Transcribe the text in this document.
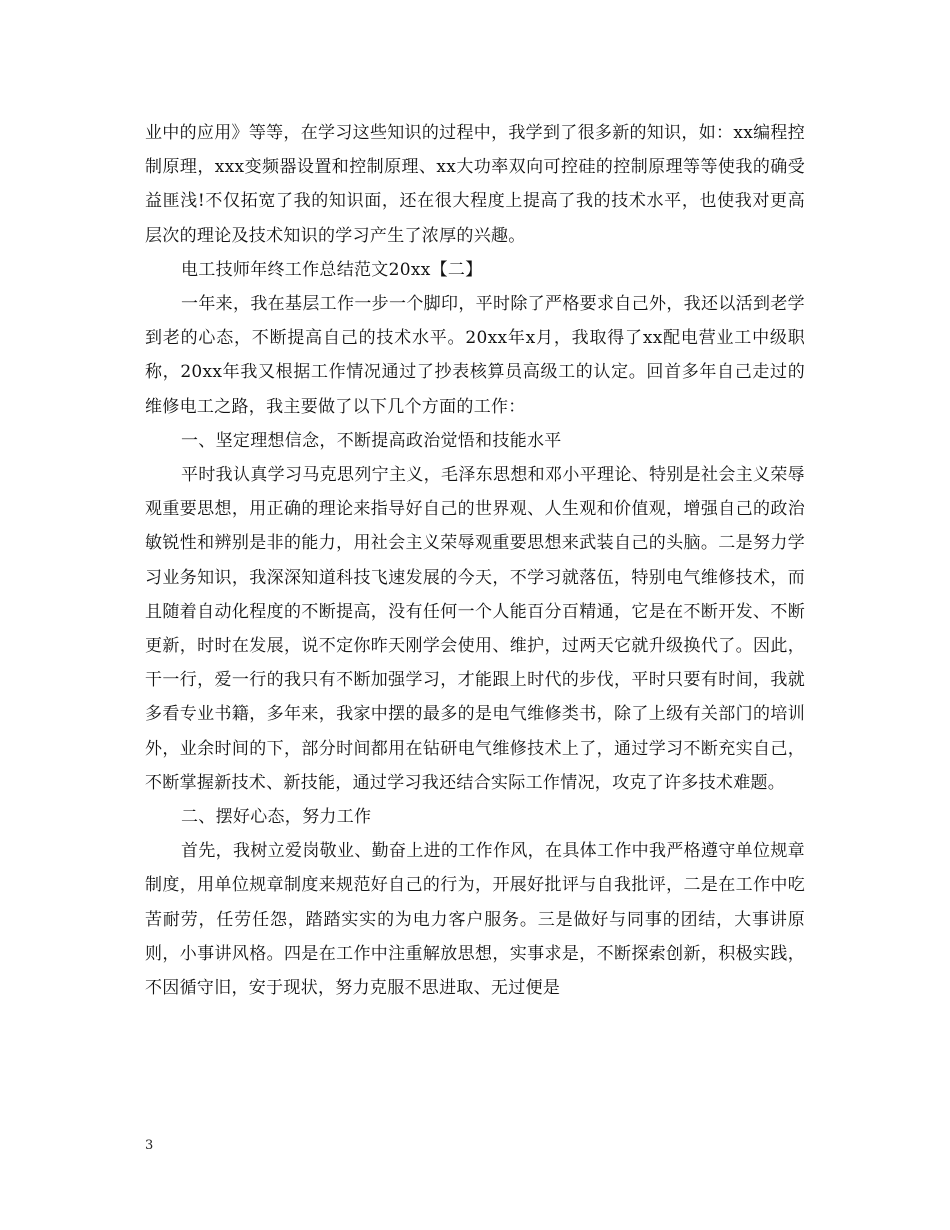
业中的应用》等等，在学习这些知识的过程中，我学到了很多新的知识，如：xx编程控制原理，xxx变频器设置和控制原理、xx大功率双向可控硅的控制原理等等使我的确受益匪浅!不仅拓宽了我的知识面，还在很大程度上提高了我的技术水平，也使我对更高层次的理论及技术知识的学习产生了浓厚的兴趣。

电工技师年终工作总结范文20xx【二】

一年来，我在基层工作一步一个脚印，平时除了严格要求自己外，我还以活到老学到老的心态，不断提高自己的技术水平。20xx年x月，我取得了xx配电营业工中级职称，20xx年我又根据工作情况通过了抄表核算员高级工的认定。回首多年自己走过的维修电工之路，我主要做了以下几个方面的工作：

一、坚定理想信念，不断提高政治觉悟和技能水平

平时我认真学习马克思列宁主义，毛泽东思想和邓小平理论、特别是社会主义荣辱观重要思想，用正确的理论来指导好自己的世界观、人生观和价值观，增强自己的政治敏锐性和辨别是非的能力，用社会主义荣辱观重要思想来武装自己的头脑。二是努力学习业务知识，我深深知道科技飞速发展的今天，不学习就落伍，特别电气维修技术，而且随着自动化程度的不断提高，没有任何一个人能百分百精通，它是在不断开发、不断更新，时时在发展，说不定你昨天刚学会使用、维护，过两天它就升级换代了。因此，干一行，爱一行的我只有不断加强学习，才能跟上时代的步伐，平时只要有时间，我就多看专业书籍，多年来，我家中摆的最多的是电气维修类书，除了上级有关部门的培训外，业余时间的下，部分时间都用在钻研电气维修技术上了，通过学习不断充实自己，不断掌握新技术、新技能，通过学习我还结合实际工作情况，攻克了许多技术难题。

二、摆好心态，努力工作

首先，我树立爱岗敬业、勤奋上进的工作作风，在具体工作中我严格遵守单位规章制度，用单位规章制度来规范好自己的行为，开展好批评与自我批评，二是在工作中吃苦耐劳，任劳任怨，踏踏实实的为电力客户服务。三是做好与同事的团结，大事讲原则，小事讲风格。四是在工作中注重解放思想，实事求是，不断探索创新，积极实践，不因循守旧，安于现状，努力克服不思进取、无过便是

3
